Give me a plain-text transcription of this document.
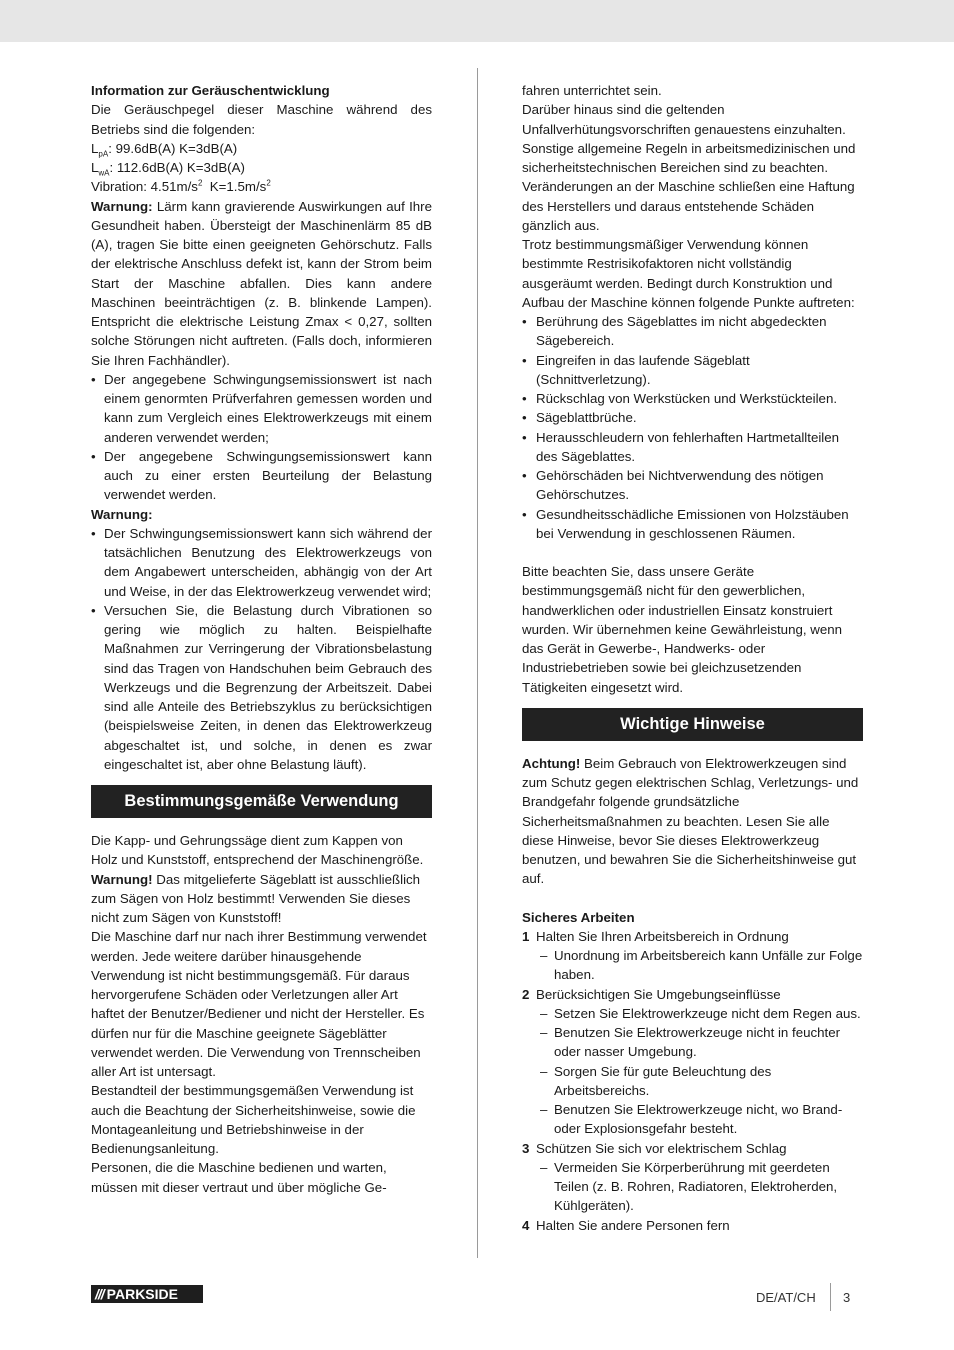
Information zur Geräuschentwicklung

Die Geräuschpegel dieser Maschine während des Betriebs sind die folgenden:

$L_{pA}$: 99.6dB(A) K=3dB(A)

$L_{wA}$: 112.6dB(A) K=3dB(A)

Vibration: $4.51m/s^2$  $K=1.5m/s^2$

Warnung: Lärm kann gravierende Auswirkungen auf Ihre Gesundheit haben. Übersteigt der Maschinenlärm 85 dB (A), tragen Sie bitte einen geeigneten Gehörschutz. Falls der elektrische Anschluss defekt ist, kann der Strom beim Start der Maschine abfallen. Dies kann andere Maschinen beeinträchtigen (z. B. blinkende Lampen). Entspricht die elektrische Leistung Zmax < 0,27, sollten solche Störungen nicht auftreten. (Falls doch, informieren Sie Ihren Fachhändler).

• Der angegebene Schwingungsemissionswert ist nach einem genormten Prüfverfahren gemessen worden und kann zum Vergleich eines Elektrowerkzeugs mit einem anderen verwendet werden;
• Der angegebene Schwingungsemissionswert kann auch zu einer ersten Beurteilung der Belastung verwendet werden.

Warnung:

• Der Schwingungsemissionswert kann sich während der tatsächlichen Benutzung des Elektrowerkzeugs von dem Angabewert unterscheiden, abhängig von der Art und Weise, in der das Elektrowerkzeug verwendet wird;
• Versuchen Sie, die Belastung durch Vibrationen so gering wie möglich zu halten. Beispielhafte Maßnahmen zur Verringerung der Vibrationsbelastung sind das Tragen von Handschuhen beim Gebrauch des Werkzeugs und die Begrenzung der Arbeitszeit. Dabei sind alle Anteile des Betriebszyklus zu berücksichtigen (beispielsweise Zeiten, in denen das Elektrowerkzeug abgeschaltet ist, und solche, in denen es zwar eingeschaltet ist, aber ohne Belastung läuft).
Bestimmungsgemäße Verwendung

Die Kapp- und Gehrungssäge dient zum Kappen von Holz und Kunststoff, entsprechend der Maschinengröße.

Warnung! Das mitgelieferte Sägeblatt ist ausschließlich zum Sägen von Holz bestimmt! Verwenden Sie dieses nicht zum Sägen von Kunststoff!

Die Maschine darf nur nach ihrer Bestimmung verwendet werden. Jede weitere darüber hinausgehende Verwendung ist nicht bestimmungsgemäß. Für daraus hervorgerufene Schäden oder Verletzungen aller Art haftet der Benutzer/Bediener und nicht der Hersteller. Es dürfen nur für die Maschine geeignete Sägeblätter verwendet werden. Die Verwendung von Trennscheiben aller Art ist untersagt.

Bestandteil der bestimmungsgemäßen Verwendung ist auch die Beachtung der Sicherheitshinweise, sowie die Montageanleitung und Betriebshinweise in der Bedienungsanleitung.

Personen, die die Maschine bedienen und warten, müssen mit dieser vertraut und über mögliche Ge-

fahren unterrichtet sein.

Darüber hinaus sind die geltenden Unfallverhütungsvorschriften genauestens einzuhalten.

Sonstige allgemeine Regeln in arbeitsmedizinischen und sicherheitstechnischen Bereichen sind zu beachten.

Veränderungen an der Maschine schließen eine Haftung des Herstellers und daraus entstehende Schäden gänzlich aus.

Trotz bestimmungsmäßiger Verwendung können bestimmte Restrisikofaktoren nicht vollständig ausgeräumt werden. Bedingt durch Konstruktion und Aufbau der Maschine können folgende Punkte auftreten:

• Berührung des Sägeblattes im nicht abgedeckten Sägebereich.
• Eingreifen in das laufende Sägeblatt (Schnittverletzung).
• Rückschlag von Werkstücken und Werkstückteilen.
• Sägeblattbrüche.
• Herausschleudern von fehlerhaften Hartmetallteilen des Sägeblattes.
• Gehörschäden bei Nichtverwendung des nötigen Gehörschutzes.
• Gesundheitsschädliche Emissionen von Holzstäuben bei Verwendung in geschlossenen Räumen.

Bitte beachten Sie, dass unsere Geräte bestimmungsgemäß nicht für den gewerblichen, handwerklichen oder industriellen Einsatz konstruiert wurden. Wir übernehmen keine Gewährleistung, wenn das Gerät in Gewerbe-, Handwerks- oder Industriebetrieben sowie bei gleichzusetzenden Tätigkeiten eingesetzt wird.

Wichtige Hinweise

Achtung! Beim Gebrauch von Elektrowerkzeugen sind zum Schutz gegen elektrischen Schlag, Verletzungs- und Brandgefahr folgende grundsätzliche Sicherheitsmaßnahmen zu beachten. Lesen Sie alle diese Hinweise, bevor Sie dieses Elektrowerkzeug benutzen, und bewahren Sie die Sicherheitshinweise gut auf.

Sicheres Arbeiten

1 Halten Sie Ihren Arbeitsbereich in Ordnung
– Unordnung im Arbeitsbereich kann Unfälle zur Folge haben.
2 Berücksichtigen Sie Umgebungseinflüsse
– Setzen Sie Elektrowerkzeuge nicht dem Regen aus.
– Benutzen Sie Elektrowerkzeuge nicht in feuchter oder nasser Umgebung.
– Sorgen Sie für gute Beleuchtung des Arbeitsbereichs.
– Benutzen Sie Elektrowerkzeuge nicht, wo Brand- oder Explosionsgefahr besteht.
3 Schützen Sie sich vor elektrischem Schlag
– Vermeiden Sie Körperberührung mit geerdeten Teilen (z. B. Rohren, Radiatoren, Elektroherden, Kühlgeräten).
4 Halten Sie andere Personen fern
/// PARKSIDE	DE/AT/CH 3
